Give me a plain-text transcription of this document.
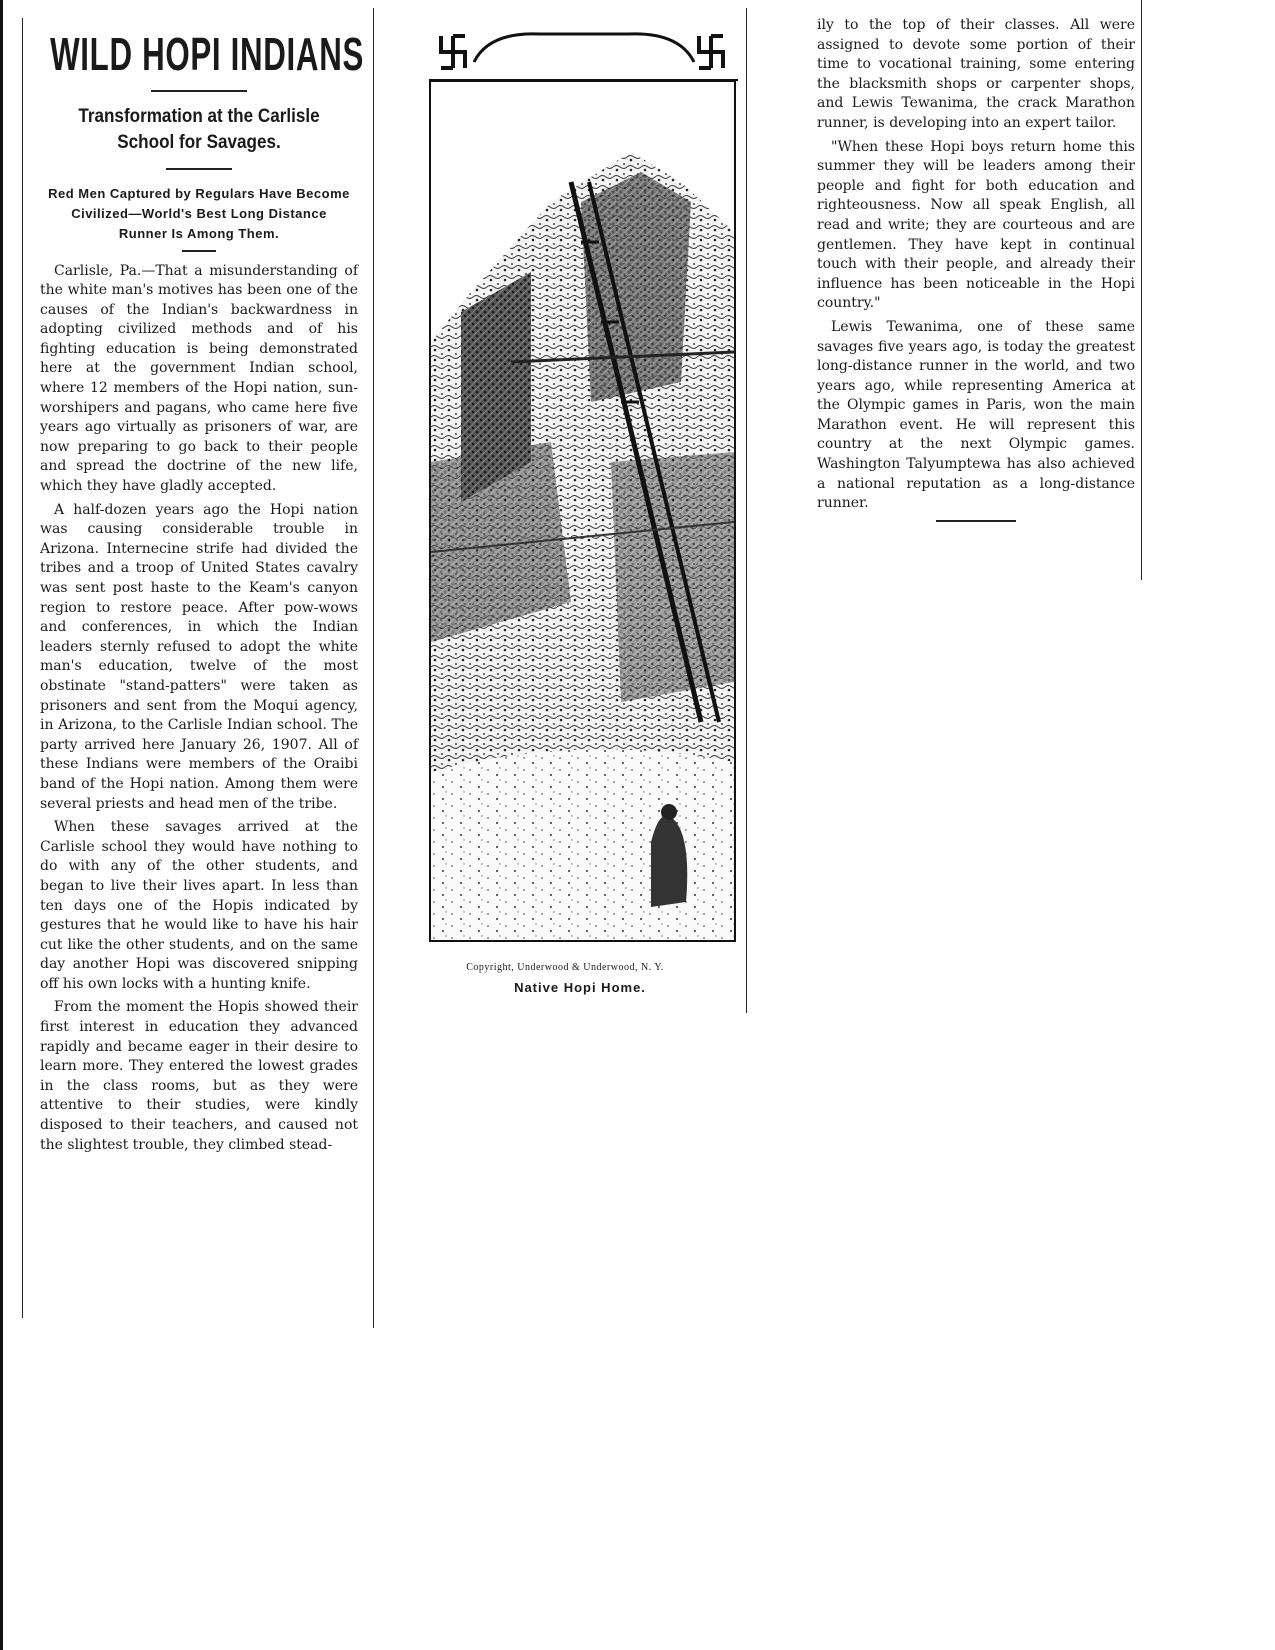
WILD HOPI INDIANS
Transformation at the Carlisle School for Savages.
Red Men Captured by Regulars Have Become Civilized—World's Best Long Distance Runner Is Among Them.

Carlisle, Pa.—That a misunderstanding of the white man's motives has been one of the causes of the Indian's backwardness in adopting civilized methods and of his fighting education is being demonstrated here at the government Indian school, where 12 members of the Hopi nation, sun-worshipers and pagans, who came here five years ago virtually as prisoners of war, are now preparing to go back to their people and spread the doctrine of the new life, which they have gladly accepted.

A half-dozen years ago the Hopi nation was causing considerable trouble in Arizona. Internecine strife had divided the tribes and a troop of United States cavalry was sent post haste to the Keam's canyon region to restore peace. After pow-wows and conferences, in which the Indian leaders sternly refused to adopt the white man's education, twelve of the most obstinate "stand-patters" were taken as prisoners and sent from the Moqui agency, in Arizona, to the Carlisle Indian school. The party arrived here January 26, 1907. All of these Indians were members of the Oraibi band of the Hopi nation. Among them were several priests and head men of the tribe.

When these savages arrived at the Carlisle school they would have nothing to do with any of the other students, and began to live their lives apart. In less than ten days one of the Hopis indicated by gestures that he would like to have his hair cut like the other students, and on the same day another Hopi was discovered snipping off his own locks with a hunting knife.

From the moment the Hopis showed their first interest in education they advanced rapidly and became eager in their desire to learn more. They entered the lowest grades in the class rooms, but as they were attentive to their studies, were kindly disposed to their teachers, and caused not the slightest trouble, they climbed stead-

Copyright, Underwood & Underwood, N. Y.
Native Hopi Home.

ily to the top of their classes. All were assigned to devote some portion of their time to vocational training, some entering the blacksmith shops or carpenter shops, and Lewis Tewanima, the crack Marathon runner, is developing into an expert tailor.

"When these Hopi boys return home this summer they will be leaders among their people and fight for both education and righteousness. Now all speak English, all read and write; they are courteous and are gentlemen. They have kept in continual touch with their people, and already their influence has been noticeable in the Hopi country."

Lewis Tewanima, one of these same savages five years ago, is today the greatest long-distance runner in the world, and two years ago, while representing America at the Olympic games in Paris, won the main Marathon event. He will represent this country at the next Olympic games. Washington Talyumptewa has also achieved a national reputation as a long-distance runner.
